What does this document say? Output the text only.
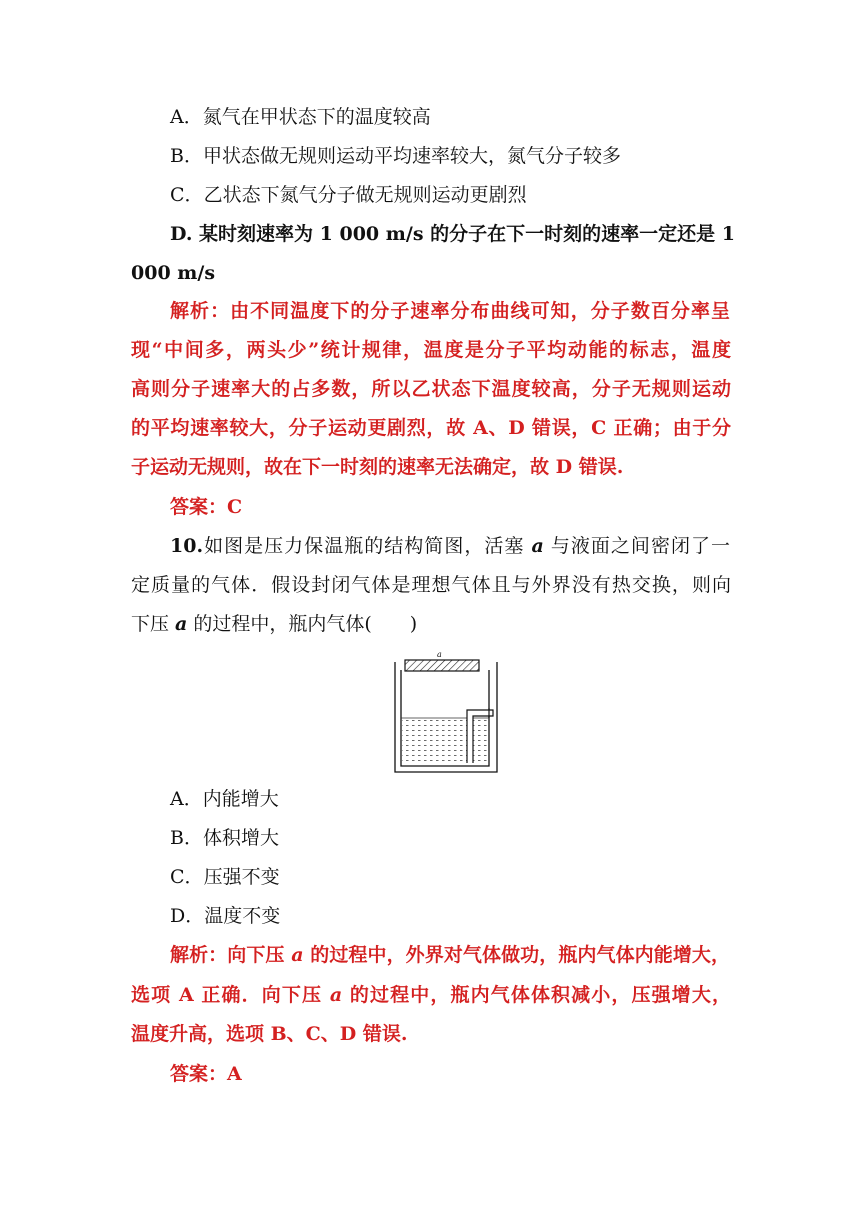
A．氮气在甲状态下的温度较高
B．甲状态做无规则运动平均速率较大，氮气分子较多
C．乙状态下氮气分子做无规则运动更剧烈
D. 某时刻速率为 1 000 m/s 的分子在下一时刻的速率一定还是 1
000 m/s
解析：由不同温度下的分子速率分布曲线可知，分子数百分率呈
现“中间多，两头少”统计规律，温度是分子平均动能的标志，温度
高则分子速率大的占多数，所以乙状态下温度较高，分子无规则运动
的平均速率较大，分子运动更剧烈，故 A、D 错误，C 正确；由于分
子运动无规则，故在下一时刻的速率无法确定，故 D 错误.
答案：C
10.如图是压力保温瓶的结构简图，活塞 a 与液面之间密闭了一
定质量的气体．假设封闭气体是理想气体且与外界没有热交换，则向
下压 a 的过程中，瓶内气体(　　)
a
A．内能增大
B．体积增大
C．压强不变
D．温度不变
解析：向下压 a 的过程中，外界对气体做功，瓶内气体内能增大，
选项 A 正确．向下压 a 的过程中，瓶内气体体积减小，压强增大，
温度升高，选项 B、C、D 错误.
答案：A
